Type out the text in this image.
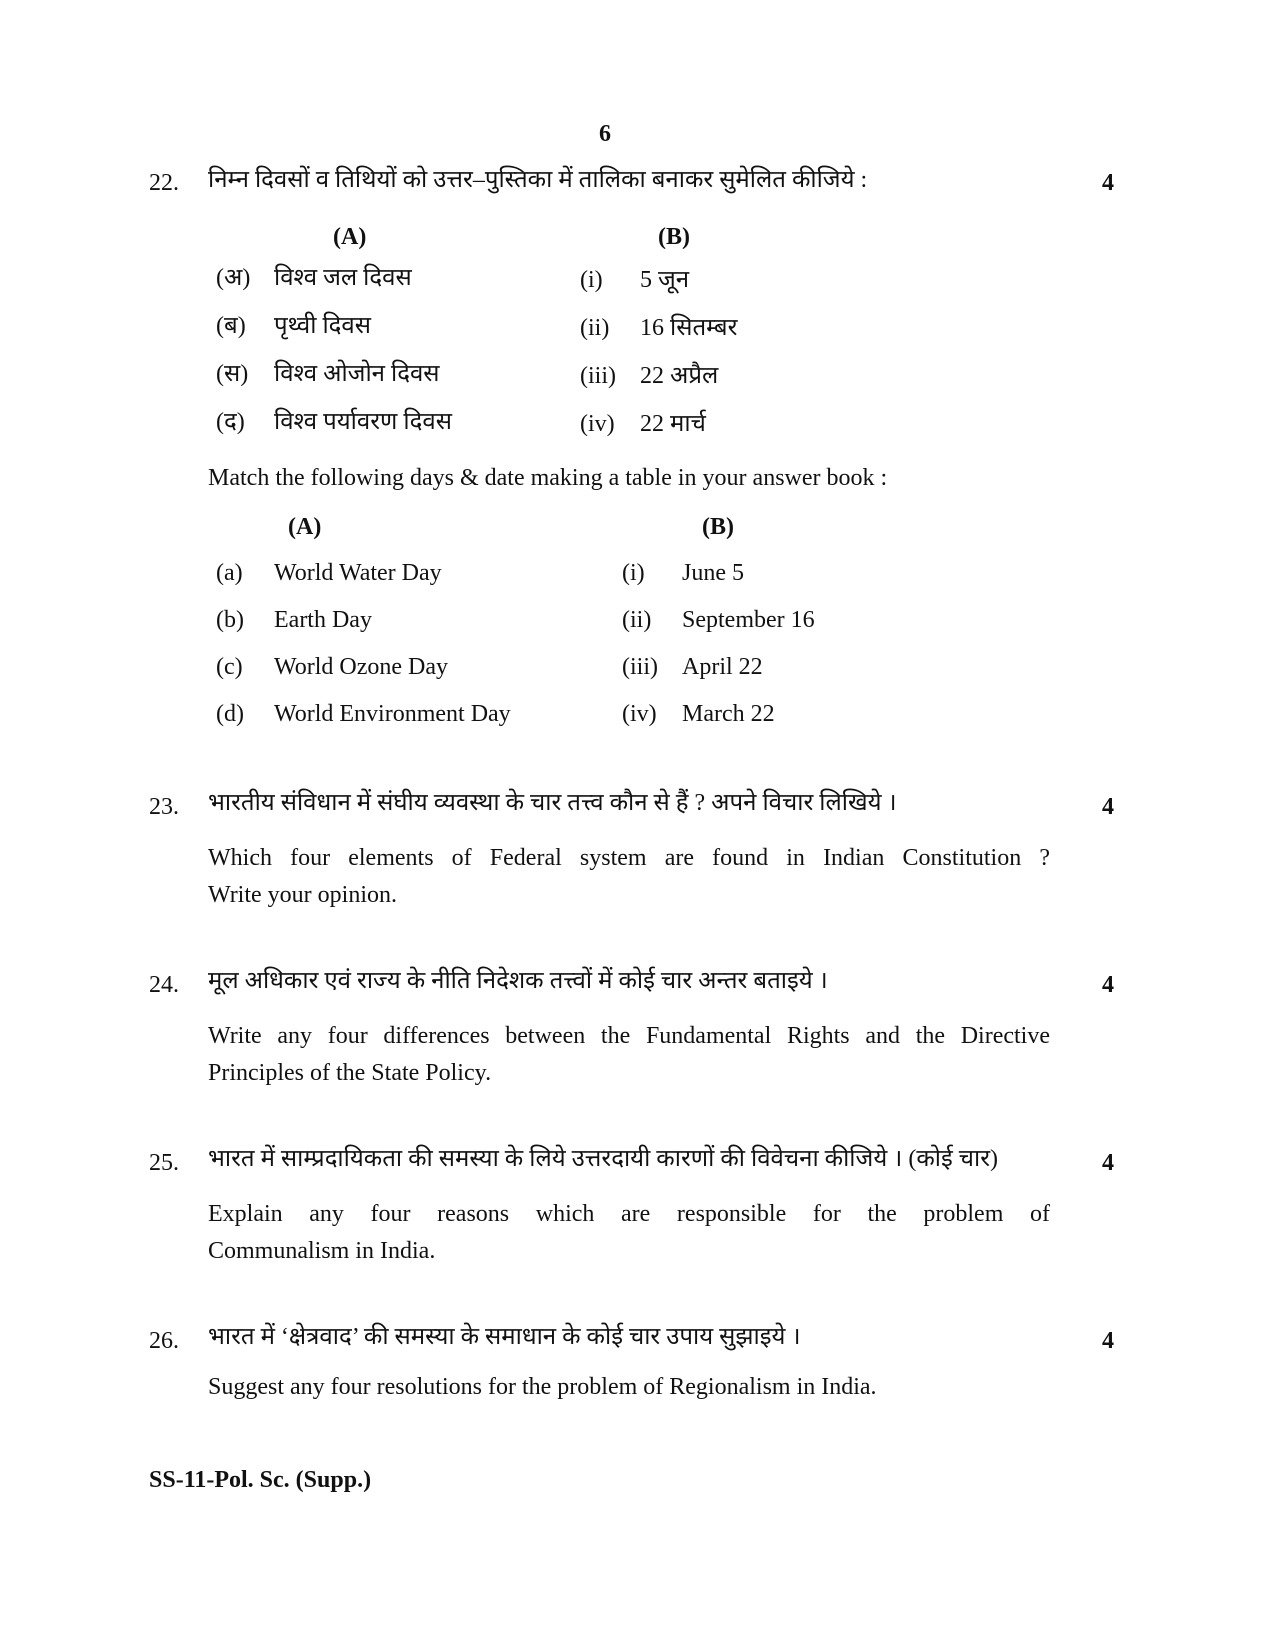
6
22. निम्न दिवसों व तिथियों को उत्तर–पुस्तिका में तालिका बनाकर सुमेलित कीजिये :	4
(A)	(B)
(अ) विश्व जल दिवस	(i) 5 जून
(ब) पृथ्वी दिवस	(ii) 16 सितम्बर
(स) विश्व ओजोन दिवस	(iii) 22 अप्रैल
(द) विश्व पर्यावरण दिवस	(iv) 22 मार्च
Match the following days & date making a table in your answer book :
(A)	(B)
(a) World Water Day	(i) June 5
(b) Earth Day	(ii) September 16
(c) World Ozone Day	(iii) April 22
(d) World Environment Day	(iv) March 22
23. भारतीय संविधान में संघीय व्यवस्था के चार तत्त्व कौन से हैं ? अपने विचार लिखिये ।	4
Which four elements of Federal system are found in Indian Constitution ?
Write your opinion.
24. मूल अधिकार एवं राज्य के नीति निदेशक तत्त्वों में कोई चार अन्तर बताइये ।	4
Write any four differences between the Fundamental Rights and the Directive
Principles of the State Policy.
25. भारत में साम्प्रदायिकता की समस्या के लिये उत्तरदायी कारणों की विवेचना कीजिये । (कोई चार)	4
Explain any four reasons which are responsible for the problem of
Communalism in India.
26. भारत में ‘क्षेत्रवाद’ की समस्या के समाधान के कोई चार उपाय सुझाइये ।	4
Suggest any four resolutions for the problem of Regionalism in India.
SS-11-Pol. Sc. (Supp.)
